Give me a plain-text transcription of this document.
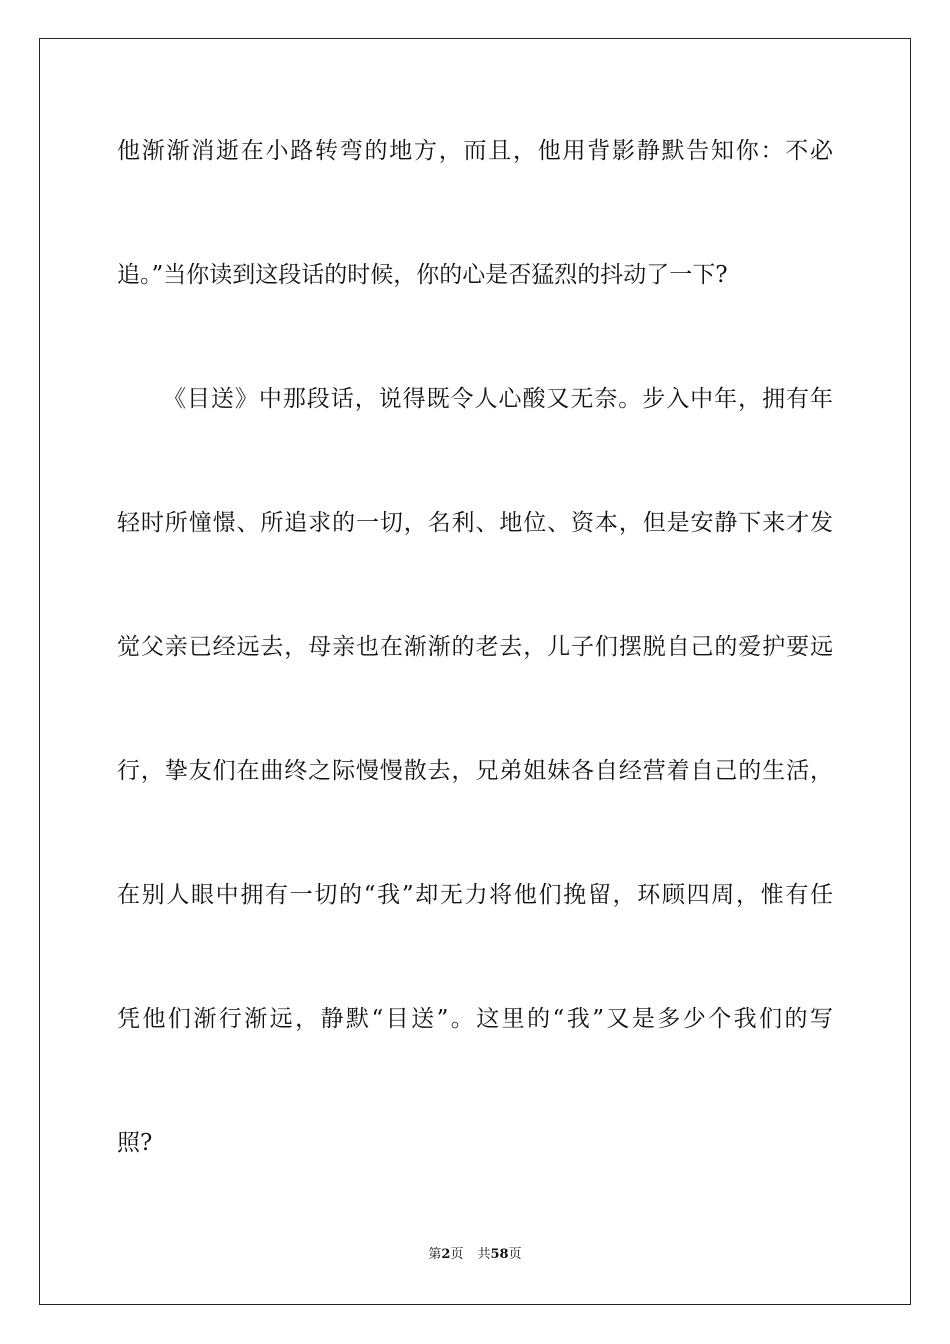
他渐渐消逝在小路转弯的地方，而且，他用背影静默告知你：不必
追。”当你读到这段话的时候，你的心是否猛烈的抖动了一下?
《目送》中那段话，说得既令人心酸又无奈。步入中年，拥有年
轻时所憧憬、所追求的一切，名利、地位、资本，但是安静下来才发
觉父亲已经远去，母亲也在渐渐的老去，儿子们摆脱自己的爱护要远
行，挚友们在曲终之际慢慢散去，兄弟姐妹各自经营着自己的生活，
在别人眼中拥有一切的“我”却无力将他们挽留，环顾四周，惟有任
凭他们渐行渐远，静默“目送”。这里的“我”又是多少个我们的写
照?
第2页 共58页
